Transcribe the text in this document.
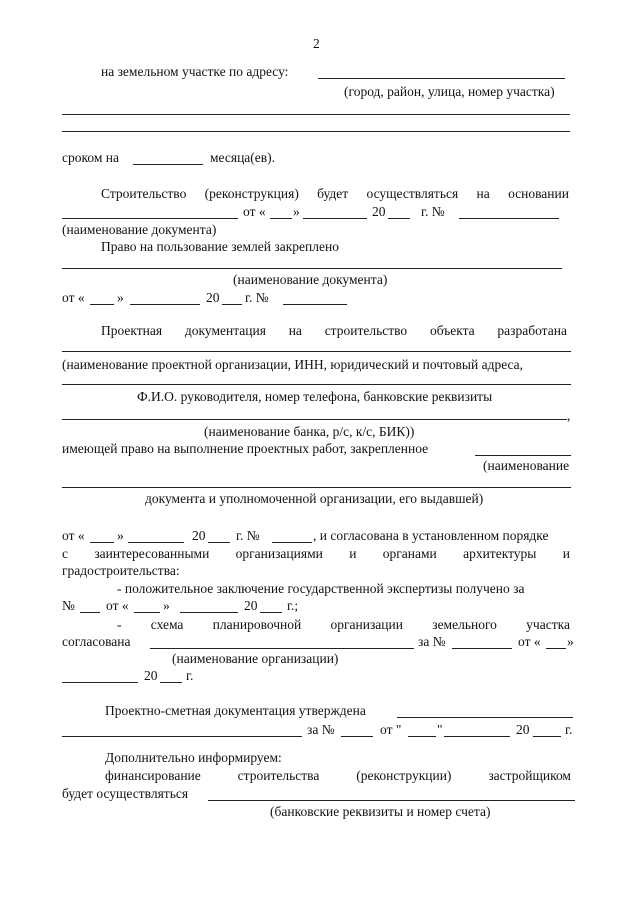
2
на земельном участке по адресу:
(город, район, улица, номер участка)
сроком на	месяца(ев).
Строительство (реконструкция) будет осуществляться на основании
от « »	20	г. №
(наименование документа)
Право на пользование землей закреплено
(наименование документа)
от « »	20 г. №
Проектная документация на строительство объекта разработана
(наименование проектной организации, ИНН, юридический и почтовый адреса,
Ф.И.О. руководителя, номер телефона, банковские реквизиты
,
(наименование банка, р/с, к/с, БИК))
имеющей право на выполнение проектных работ, закрепленное
(наименование
документа и уполномоченной организации, его выдавшей)
от « »	20 г. №	, и согласована в установленном порядке
с заинтересованными организациями и органами архитектуры и
градостроительства:
- положительное заключение государственной экспертизы получено за
№ от «	»	20 г.;
- схема планировочной организации земельного участка
согласована	за №	от « »
(наименование организации)
20 г.
Проектно-сметная документация утверждена
за №	от "	"	20	г.
Дополнительно информируем:
финансирование	строительства	(реконструкции)	застройщиком
будет осуществляться
(банковские реквизиты и номер счета)
